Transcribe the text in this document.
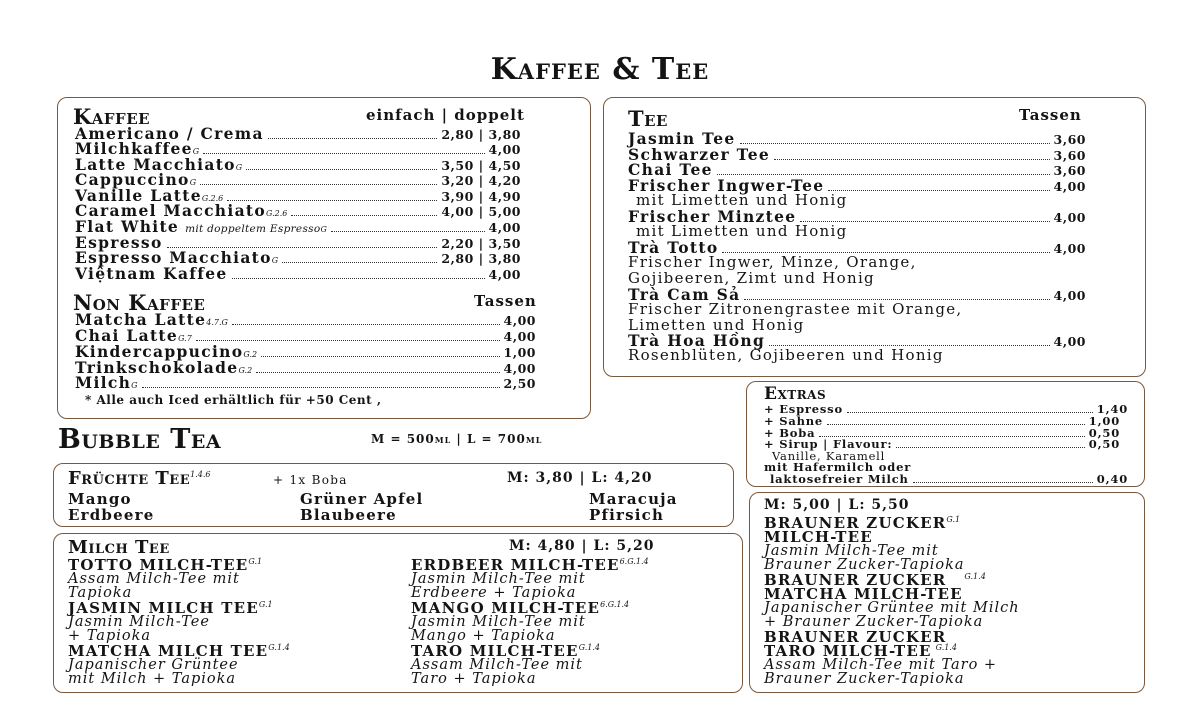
Kaffee & Tee
Kaffee	einfach | doppelt
Americano / Crema	2,80 | 3,80
Milchkaffee G	4,00
Latte Macchiato G	3,50 | 4,50
Cappuccino G	3,20 | 4,20
Vanille Latte G.2.6	3,90 | 4,90
Caramel Macchiato G.2.6	4,00 | 5,00
Flat White mit doppeltem Espresso G	4,00
Espresso	2,20 | 3,50
Espresso Macchiato G	2,80 | 3,80
Việtnam Kaffee	4,00
Non Kaffee	Tassen
Matcha Latte 4.7.G	4,00
Chai Latte G.7	4,00
Kindercappucino G.2	1,00
Trinkschokolade G.2	4,00
Milch G	2,50
* Alle auch Iced erhältlich für +50 Cent ,
Tee	Tassen
Jasmin Tee	3,60
Schwarzer Tee	3,60
Chai Tee	3,60
Frischer Ingwer-Tee	4,00
mit Limetten und Honig
Frischer Minztee	4,00
mit Limetten und Honig
Trà Totto	4,00
Frischer Ingwer, Minze, Orange,
Gojibeeren, Zimt und Honig
Trà Cam Sả	4,00
Frischer Zitronengrastee mit Orange,
Limetten und Honig
Trà Hoa Hồng	4,00
Rosenblüten, Gojibeeren und Honig
Extras
+ Espresso	1,40
+ Sahne	1,00
+ Boba	0,50
+ Sirup | Flavour:	0,50
Vanille, Karamell
mit Hafermilch oder
laktosefreier Milch	0,40
Bubble Tea	M = 500ml | L = 700ml
Früchte Tee$^{1.4.6}$	+ 1x Boba	M: 3,80 | L: 4,20
Mango	Grüner Apfel	Maracuja
Erdbeere	Blaubeere	Pfirsich
Milch Tee	M: 4,80 | L: 5,20
TOTTO MILCH-$TEE^{G.1}$
Assam Milch-Tee mit
Tapioka
JASMIN MILCH $TEE^{G.1}$
Jasmin Milch-Tee
+ Tapioka
MATCHA MILCH $TEE^{G.1.4}$
Japanischer Grüntee
mit Milch + Tapioka
ERDBEER MILCH-$TEE^{6.G.1.4}$
Jasmin Milch-Tee mit
Erdbeere + Tapioka
MANGO MILCH-$TEE^{6.G.1.4}$
Jasmin Milch-Tee mit
Mango + Tapioka
TARO MILCH-$TEE^{G.1.4}$
Assam Milch-Tee mit
Taro + Tapioka
M: 5,00 | L: 5,50
BRAUNER $ZUCKER^{G.1}$
MILCH-TEE
Jasmin Milch-Tee mit
Brauner Zucker-Tapioka
BRAUNER ZUCKER $^{G.1.4}$
MATCHA MILCH-TEE
Japanischer Grüntee mit Milch
+ Brauner Zucker-Tapioka
BRAUNER ZUCKER
TARO MILCH-TEE $^{G.1.4}$
Assam Milch-Tee mit Taro +
Brauner Zucker-Tapioka
